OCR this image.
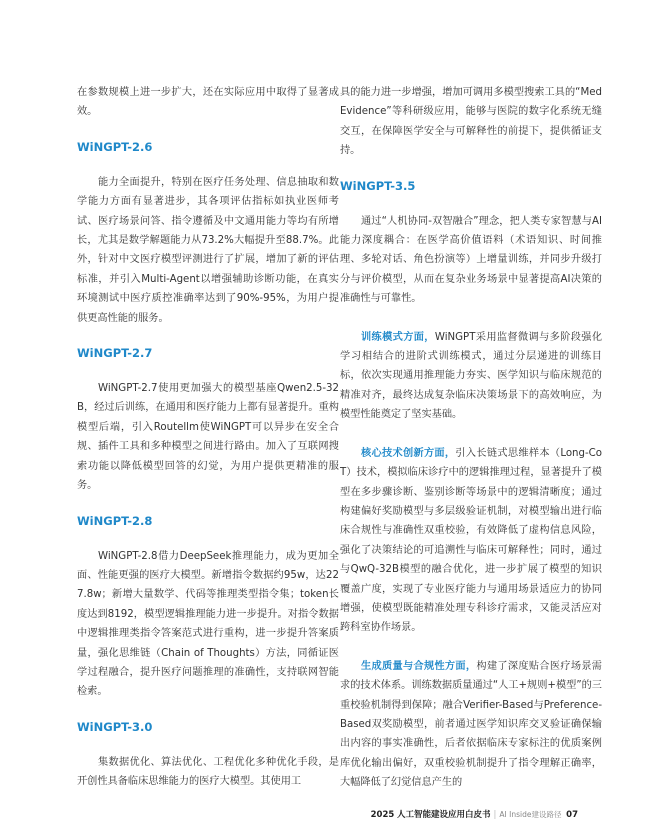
在参数规模上进一步扩大，还在实际应用中取得了显著成效。

WiNGPT-2.6

能力全面提升，特别在医疗任务处理、信息抽取和数学能力方面有显著进步，其各项评估指标如执业医师考试、医疗场景问答、指令遵循及中文通用能力等均有所增长，尤其是数学解题能力从73.2%大幅提升至88.7%。此外，针对中文医疗模型评测进行了扩展，增加了新的评估标准，并引入Multi-Agent以增强辅助诊断功能，在真实环境测试中医疗质控准确率达到了90%-95%，为用户提供更高性能的服务。

WiNGPT-2.7

WiNGPT-2.7使用更加强大的模型基座Qwen2.5-32B，经过后训练，在通用和医疗能力上都有显著提升。重构模型后端，引入Routellm使WiNGPT可以异步在安全合规、插件工具和多种模型之间进行路由。加入了互联网搜索功能以降低模型回答的幻觉，为用户提供更精准的服务。

WiNGPT-2.8

WiNGPT-2.8借力DeepSeek推理能力，成为更加全面、性能更强的医疗大模型。新增指令数据约95w，达227.8w；新增大量数学、代码等推理类型指令集；token长度达到8192，模型逻辑推理能力进一步提升。对指令数据中逻辑推理类指令答案范式进行重构，进一步提升答案质量，强化思维链（Chain of Thoughts）方法，同循证医学过程融合，提升医疗问题推理的准确性，支持联网智能检索。

WiNGPT-3.0

集数据优化、算法优化、工程优化多种优化手段，是开创性具备临床思维能力的医疗大模型。其使用工

具的能力进一步增强，增加可调用多模型搜索工具的“MedEvidence”等科研级应用，能够与医院的数字化系统无缝交互，在保障医学安全与可解释性的前提下，提供循证支持。

WiNGPT-3.5

通过“人机协同-双智融合”理念，把人类专家智慧与AI能力深度耦合：在医学高价值语料（术语知识、时间推理、多轮对话、角色扮演等）上增量训练，并同步升级打分与评价模型，从而在复杂业务场景中显著提高AI决策的准确性与可靠性。

训练模式方面，WiNGPT采用监督微调与多阶段强化学习相结合的进阶式训练模式，通过分层递进的训练目标，依次实现通用推理能力夯实、医学知识与临床规范的精准对齐，最终达成复杂临床决策场景下的高效响应，为模型性能奠定了坚实基础。

核心技术创新方面，引入长链式思维样本（Long-CoT）技术，模拟临床诊疗中的逻辑推理过程，显著提升了模型在多步骤诊断、鉴别诊断等场景中的逻辑清晰度；通过构建偏好奖励模型与多层级验证机制，对模型输出进行临床合规性与准确性双重校验，有效降低了虚构信息风险，强化了决策结论的可追溯性与临床可解释性；同时，通过与QwQ-32B模型的融合优化，进一步扩展了模型的知识覆盖广度，实现了专业医疗能力与通用场景适应力的协同增强，使模型既能精准处理专科诊疗需求，又能灵活应对跨科室协作场景。

生成质量与合规性方面，构建了深度贴合医疗场景需求的技术体系。训练数据质量通过“人工+规则+模型”的三重校验机制得到保障；融合Verifier-Based与Preference-Based双奖励模型，前者通过医学知识库交叉验证确保输出内容的事实准确性，后者依据临床专家标注的优质案例库优化输出偏好，双重校验机制提升了指令理解正确率，大幅降低了幻觉信息产生的

2025 人工智能建设应用白皮书 | AI Inside建设路径 07
